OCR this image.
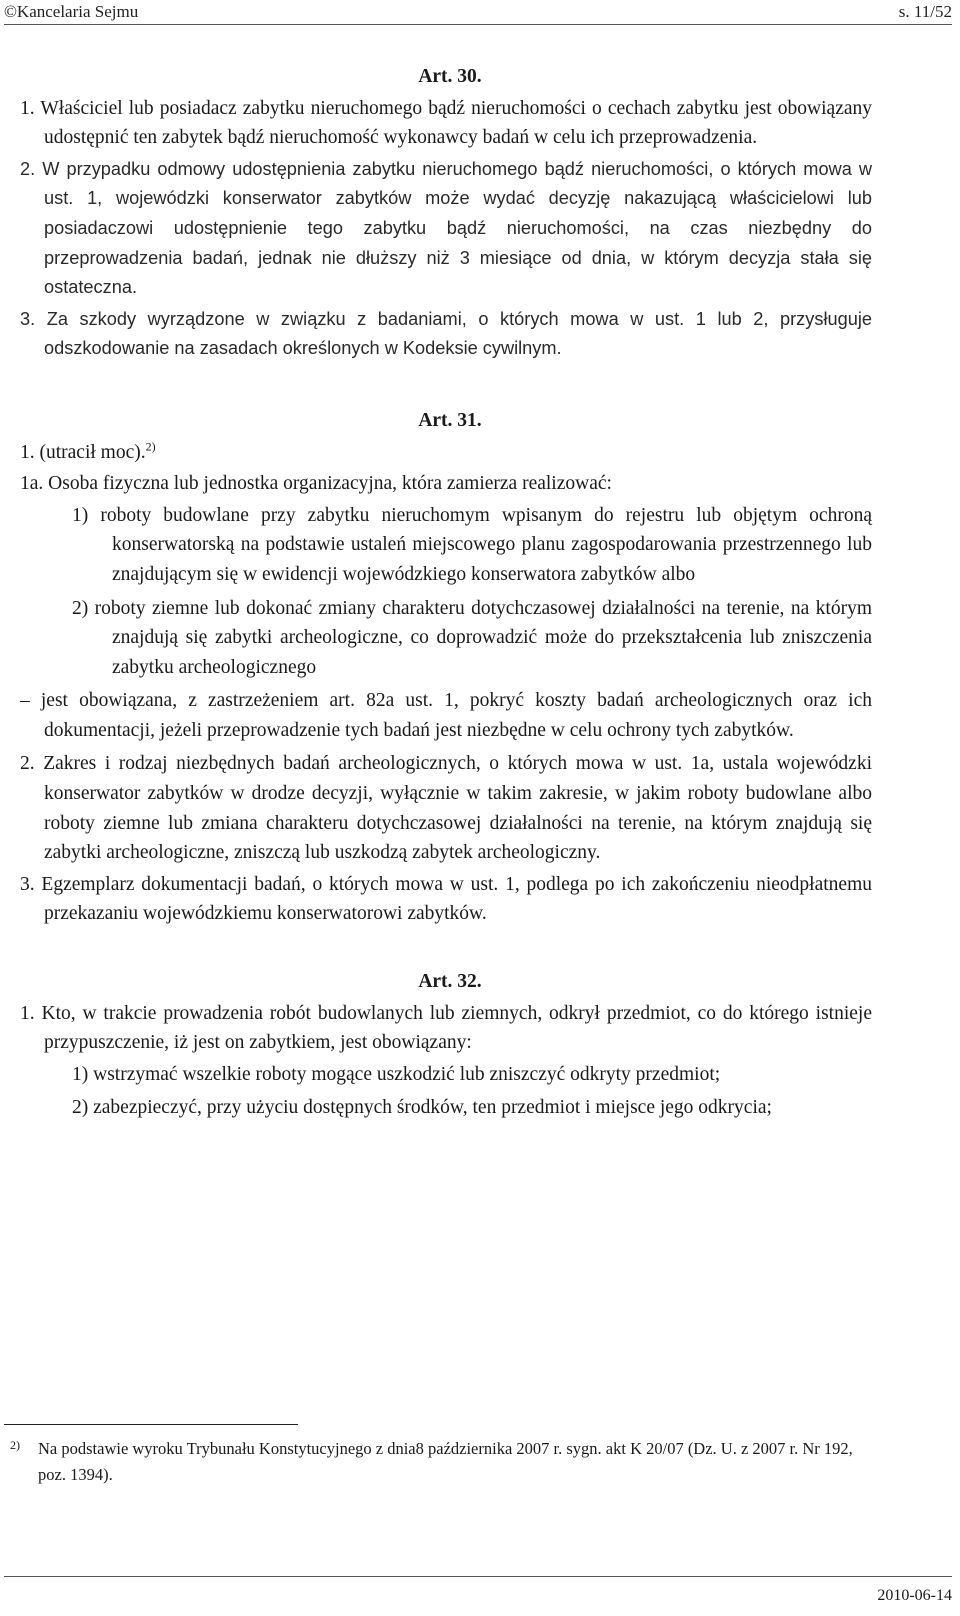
©Kancelaria Sejmu	s. 11/52
Art. 30.

1. Właściciel lub posiadacz zabytku nieruchomego bądź nieruchomości o cechach zabytku jest obowiązany udostępnić ten zabytek bądź nieruchomość wykonawcy badań w celu ich przeprowadzenia.

2. W przypadku odmowy udostępnienia zabytku nieruchomego bądź nieruchomości, o których mowa w ust. 1, wojewódzki konserwator zabytków może wydać decyzję nakazującą właścicielowi lub posiadaczowi udostępnienie tego zabytku bądź nieruchomości, na czas niezbędny do przeprowadzenia badań, jednak nie dłuższy niż 3 miesiące od dnia, w którym decyzja stała się ostateczna.

3. Za szkody wyrządzone w związku z badaniami, o których mowa w ust. 1 lub 2, przysługuje odszkodowanie na zasadach określonych w Kodeksie cywilnym.

Art. 31.

1. (utracił moc).$^{2)}$

1a. Osoba fizyczna lub jednostka organizacyjna, która zamierza realizować:

1) roboty budowlane przy zabytku nieruchomym wpisanym do rejestru lub objętym ochroną konserwatorską na podstawie ustaleń miejscowego planu zagospodarowania przestrzennego lub znajdującym się w ewidencji wojewódzkiego konserwatora zabytków albo

2) roboty ziemne lub dokonać zmiany charakteru dotychczasowej działalności na terenie, na którym znajdują się zabytki archeologiczne, co doprowadzić może do przekształcenia lub zniszczenia zabytku archeologicznego

– jest obowiązana, z zastrzeżeniem art. 82a ust. 1, pokryć koszty badań archeologicznych oraz ich dokumentacji, jeżeli przeprowadzenie tych badań jest niezbędne w celu ochrony tych zabytków.

2. Zakres i rodzaj niezbędnych badań archeologicznych, o których mowa w ust. 1a, ustala wojewódzki konserwator zabytków w drodze decyzji, wyłącznie w takim zakresie, w jakim roboty budowlane albo roboty ziemne lub zmiana charakteru dotychczasowej działalności na terenie, na którym znajdują się zabytki archeologiczne, zniszczą lub uszkodzą zabytek archeologiczny.

3. Egzemplarz dokumentacji badań, o których mowa w ust. 1, podlega po ich zakończeniu nieodpłatnemu przekazaniu wojewódzkiemu konserwatorowi zabytków.

Art. 32.

1. Kto, w trakcie prowadzenia robót budowlanych lub ziemnych, odkrył przedmiot, co do którego istnieje przypuszczenie, iż jest on zabytkiem, jest obowiązany:

1) wstrzymać wszelkie roboty mogące uszkodzić lub zniszczyć odkryty przedmiot;

2) zabezpieczyć, przy użyciu dostępnych środków, ten przedmiot i miejsce jego odkrycia;

2)	Na podstawie wyroku Trybunału Konstytucyjnego z dnia8 października 2007 r. sygn. akt K 20/07 (Dz. U. z 2007 r. Nr 192, poz. 1394).
2010-06-14
